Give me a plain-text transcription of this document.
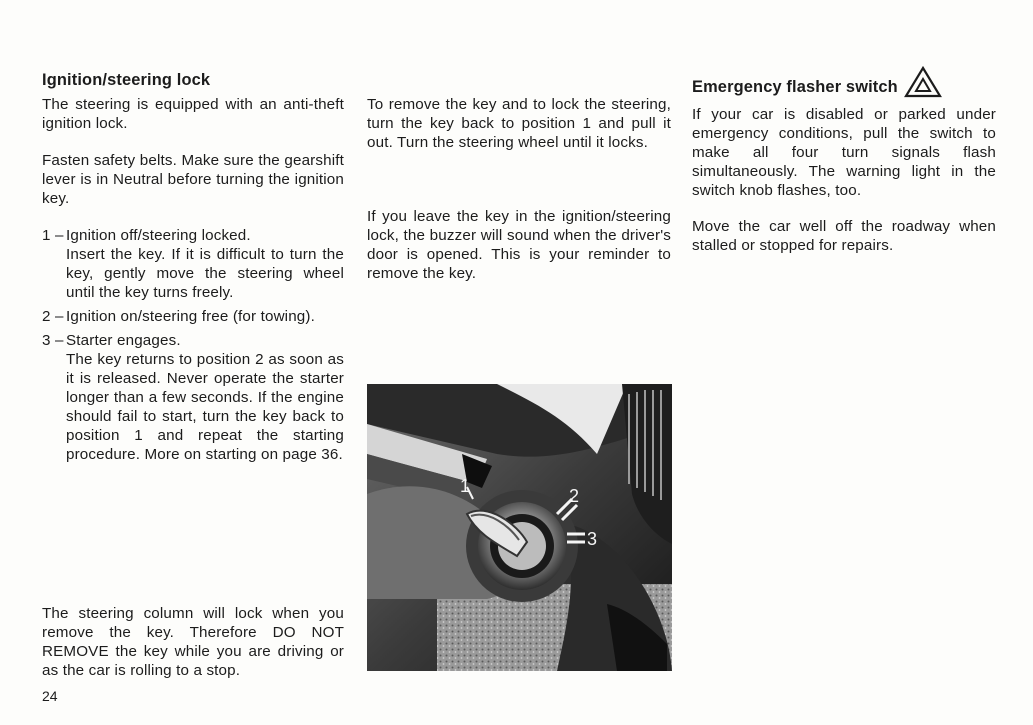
Ignition/steering lock

The steering is equipped with an anti-theft ignition lock.

Fasten safety belts. Make sure the gearshift lever is in Neutral before turning the ignition key.

1 – Ignition off/steering locked.

Insert the key. If it is difficult to turn the key, gently move the steering wheel until the key turns freely.

2 – Ignition on/steering free (for towing).

3 – Starter engages.

The key returns to position 2 as soon as it is released. Never operate the starter longer than a few seconds. If the engine should fail to start, turn the key back to position 1 and repeat the starting procedure. More on starting on page 36.

The steering column will lock when you remove the key. Therefore DO NOT REMOVE the key while you are driving or as the car is rolling to a stop.

To remove the key and to lock the steering, turn the key back to position 1 and pull it out. Turn the steering wheel until it locks.

If you leave the key in the ignition/steering lock, the buzzer will sound when the driver's door is opened. This is your reminder to remove the key.

1	2
3
Emergency flasher switch

If your car is disabled or parked under emergency conditions, pull the switch to make all four turn signals flash simultaneously. The warning light in the switch knob flashes, too.

Move the car well off the roadway when stalled or stopped for repairs.

24
